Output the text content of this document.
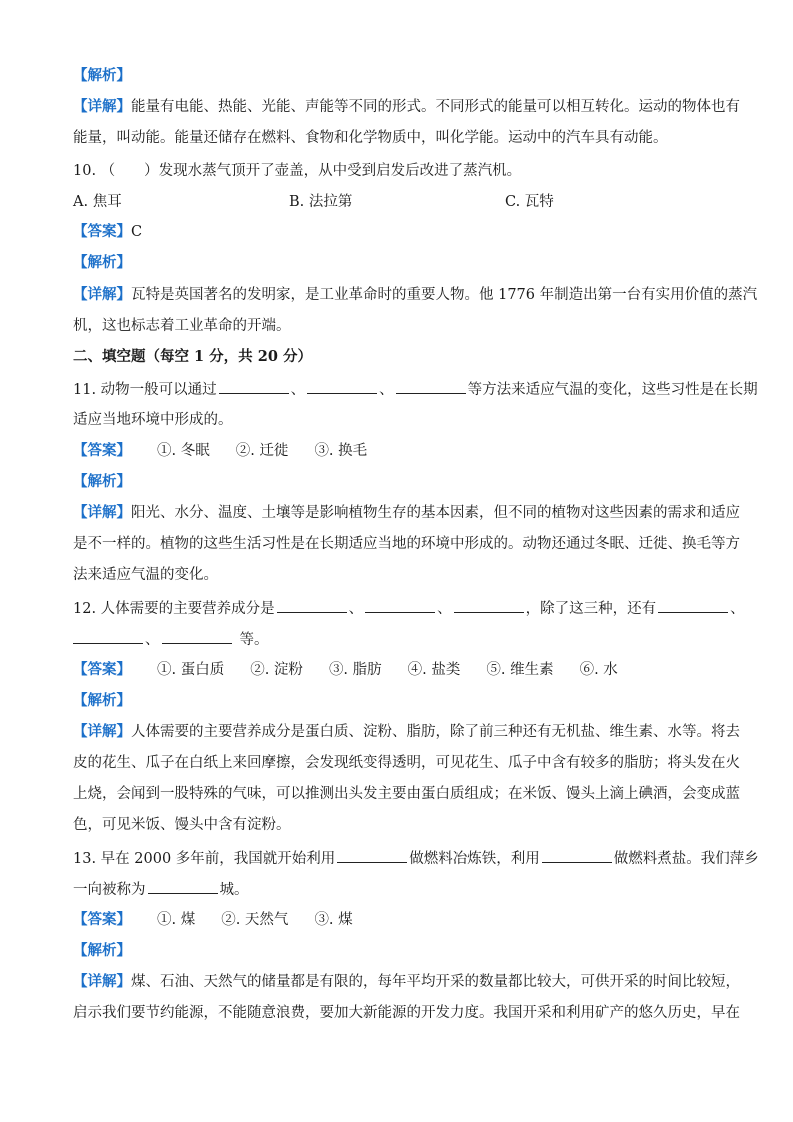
【解析】
【详解】能量有电能、热能、光能、声能等不同的形式。不同形式的能量可以相互转化。运动的物体也有
能量，叫动能。能量还储存在燃料、食物和化学物质中，叫化学能。运动中的汽车具有动能。
10. （　　）发现水蒸气顶开了壶盖，从中受到启发后改进了蒸汽机。
A. 焦耳	B. 法拉第	C. 瓦特
【答案】C
【解析】
【详解】瓦特是英国著名的发明家，是工业革命时的重要人物。他 1776 年制造出第一台有实用价值的蒸汽
机，这也标志着工业革命的开端。
二、填空题（每空 1 分，共 20 分）
11. 动物一般可以通过	、	、	等方法来适应气温的变化，这些习性是在长期
适应当地环境中形成的。
【答案】 ①. 冬眠 ②. 迁徙 ③. 换毛
【解析】
【详解】阳光、水分、温度、土壤等是影响植物生存的基本因素，但不同的植物对这些因素的需求和适应
是不一样的。植物的这些生活习性是在长期适应当地的环境中形成的。动物还通过冬眠、迁徙、换毛等方
法来适应气温的变化。
12. 人体需要的主要营养成分是	、	、	，除了这三种，还有	、
、	等。
【答案】 ①. 蛋白质 ②. 淀粉 ③. 脂肪 ④. 盐类 ⑤. 维生素 ⑥. 水
【解析】
【详解】人体需要的主要营养成分是蛋白质、淀粉、脂肪，除了前三种还有无机盐、维生素、水等。将去
皮的花生、瓜子在白纸上来回摩擦，会发现纸变得透明，可见花生、瓜子中含有较多的脂肪；将头发在火
上烧，会闻到一股特殊的气味，可以推测出头发主要由蛋白质组成；在米饭、馒头上滴上碘酒，会变成蓝
色，可见米饭、馒头中含有淀粉。
13. 早在 2000 多年前，我国就开始利用	做燃料冶炼铁，利用	做燃料煮盐。我们萍乡
一向被称为	城。
【答案】 ①. 煤 ②. 天然气 ③. 煤
【解析】
【详解】煤、石油、天然气的储量都是有限的，每年平均开采的数量都比较大，可供开采的时间比较短，
启示我们要节约能源，不能随意浪费，要加大新能源的开发力度。我国开采和利用矿产的悠久历史，早在
